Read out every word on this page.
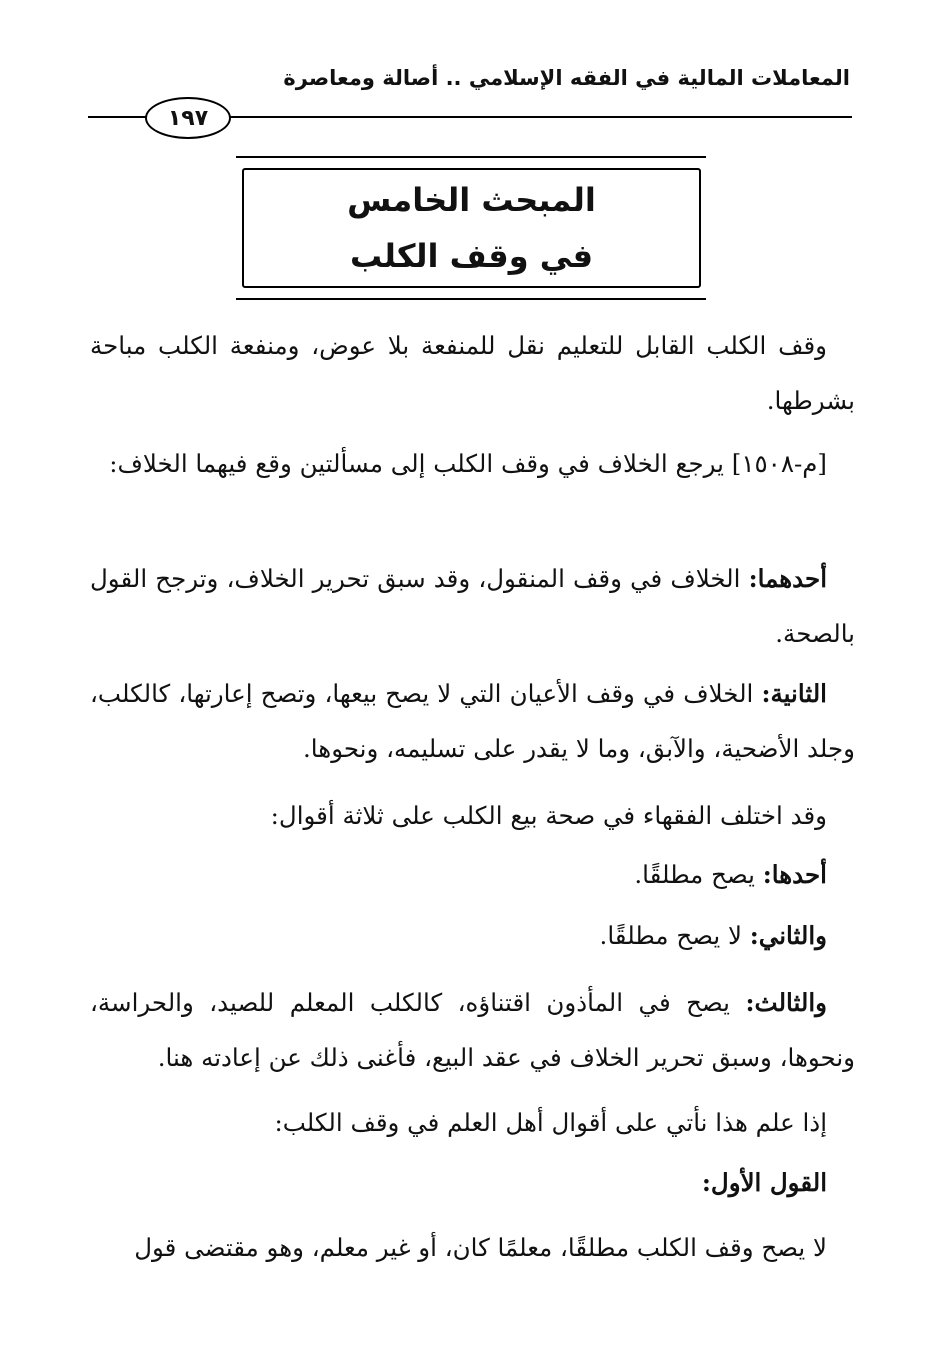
المعاملات المالية في الفقه الإسلامي .. أصالة ومعاصرة
١٩٧
المبحث الخامس
في وقف الكلب
وقف الكلب القابل للتعليم نقل للمنفعة بلا عوض، ومنفعة الكلب مباحة بشرطها.
[م-١٥٠٨] يرجع الخلاف في وقف الكلب إلى مسألتين وقع فيهما الخلاف:
أحدهما: الخلاف في وقف المنقول، وقد سبق تحرير الخلاف، وترجح القول بالصحة.
الثانية: الخلاف في وقف الأعيان التي لا يصح بيعها، وتصح إعارتها، كالكلب، وجلد الأضحية، والآبق، وما لا يقدر على تسليمه، ونحوها.
وقد اختلف الفقهاء في صحة بيع الكلب على ثلاثة أقوال:
أحدها: يصح مطلقًا.
والثاني: لا يصح مطلقًا.
والثالث: يصح في المأذون اقتناؤه، كالكلب المعلم للصيد، والحراسة، ونحوها، وسبق تحرير الخلاف في عقد البيع، فأغنى ذلك عن إعادته هنا.
إذا علم هذا نأتي على أقوال أهل العلم في وقف الكلب:
القول الأول:
لا يصح وقف الكلب مطلقًا، معلمًا كان، أو غير معلم، وهو مقتضى قول
